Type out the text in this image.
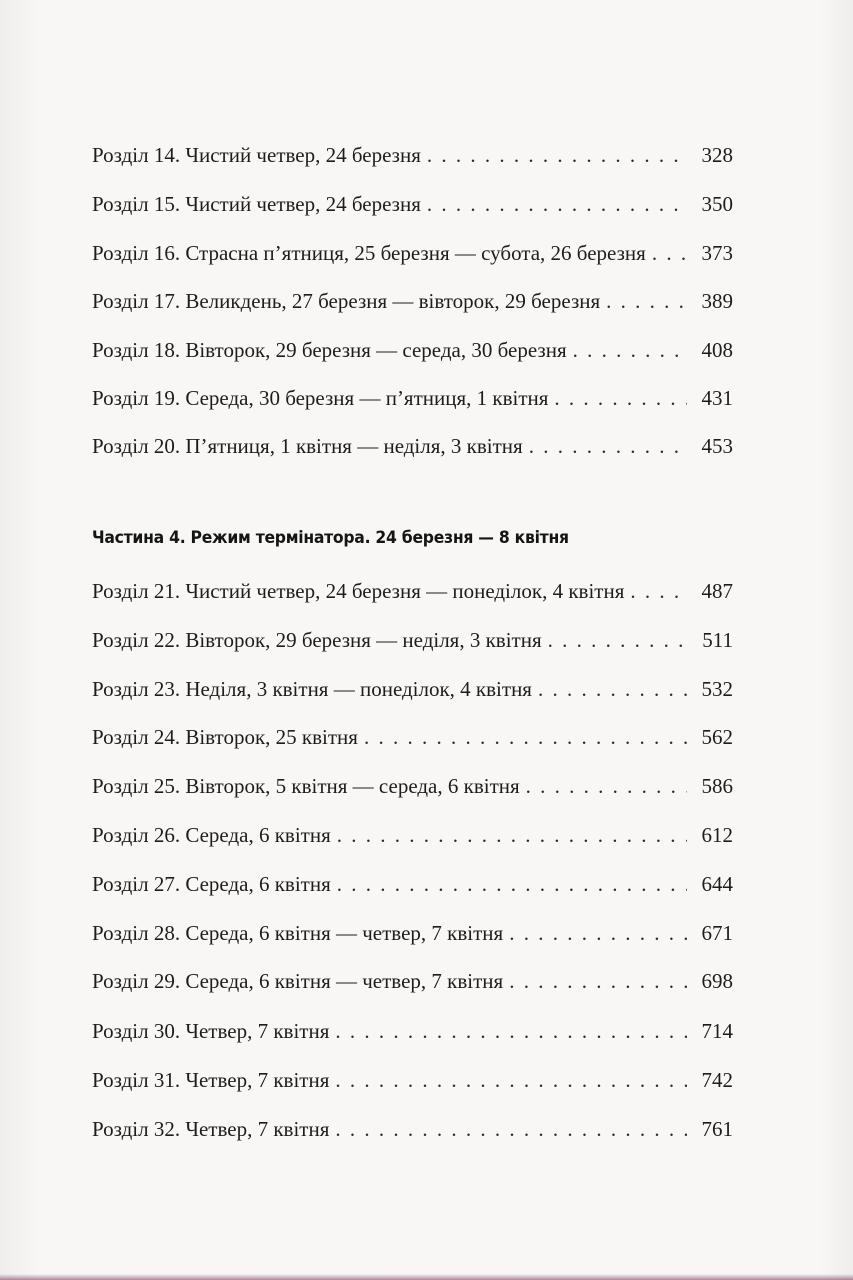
Розділ 14. Чистий четвер, 24 березня . . .	328
Розділ 15. Чистий четвер, 24 березня . . .	350
Розділ 16. Страсна п’ятниця, 25 березня — субота, 26 березня . . .	373
Розділ 17. Великдень, 27 березня — вівторок, 29 березня . . .	389
Розділ 18. Вівторок, 29 березня — середа, 30 березня . . .	408
Розділ 19. Середа, 30 березня — п’ятниця, 1 квітня . . .	431
Розділ 20. П’ятниця, 1 квітня — неділя, 3 квітня . . .	453
Частина 4. Режим термінатора. 24 березня — 8 квітня
Розділ 21. Чистий четвер, 24 березня — понеділок, 4 квітня . . .	487
Розділ 22. Вівторок, 29 березня — неділя, 3 квітня . . .	511
Розділ 23. Неділя, 3 квітня — понеділок, 4 квітня . . .	532
Розділ 24. Вівторок, 25 квітня . . .	562
Розділ 25. Вівторок, 5 квітня — середа, 6 квітня . . .	586
Розділ 26. Середа, 6 квітня . . .	612
Розділ 27. Середа, 6 квітня . . .	644
Розділ 28. Середа, 6 квітня — четвер, 7 квітня . . .	671
Розділ 29. Середа, 6 квітня — четвер, 7 квітня . . .	698
Розділ 30. Четвер, 7 квітня . . .	714
Розділ 31. Четвер, 7 квітня . . .	742
Розділ 32. Четвер, 7 квітня . . .	761
